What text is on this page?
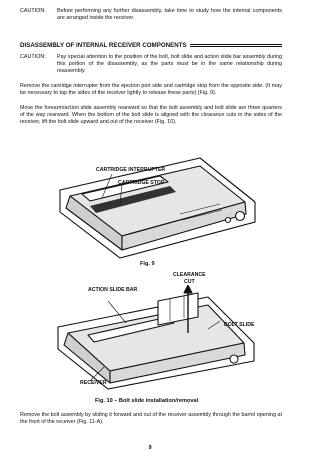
CAUTION:	Before performing any further disassembly, take time to study how the internal components are arranged inside the receiver.
DISASSEMBLY OF INTERNAL RECEIVER COMPONENTS
CAUTION:	Pay special attention to the position of the bolt, bolt slide and action slide bar assembly during this portion of the disassembly, as the parts must be in the same relationship during reassembly.
Remove the cartridge interrupter from the ejection port side and cartridge stop from the opposite side. (It may be necessary to tap the sides of the receiver lightly to release these parts) (Fig. 9).
Move the forearm/action slide assembly rearward so that the bolt assembly and bolt slide are three quarters of the way rearward. When the bottom of the bolt slide is aligned with the clearance cuts in the sides of the receiver, lift the bolt slide upward and out of the receiver (Fig. 10).
CARTRIDGE INTERRUPTER
CARTRIDGE STOP
Fig. 9
CLEARANCE
CUT
ACTION SLIDE BAR
BOLT SLIDE
RECEIVER
Fig. 10 – Bolt slide installation/removal
Remove the bolt assembly by sliding it forward and out of the receiver assembly through the barrel opening at the front of the receiver (Fig. 11-A).
9
